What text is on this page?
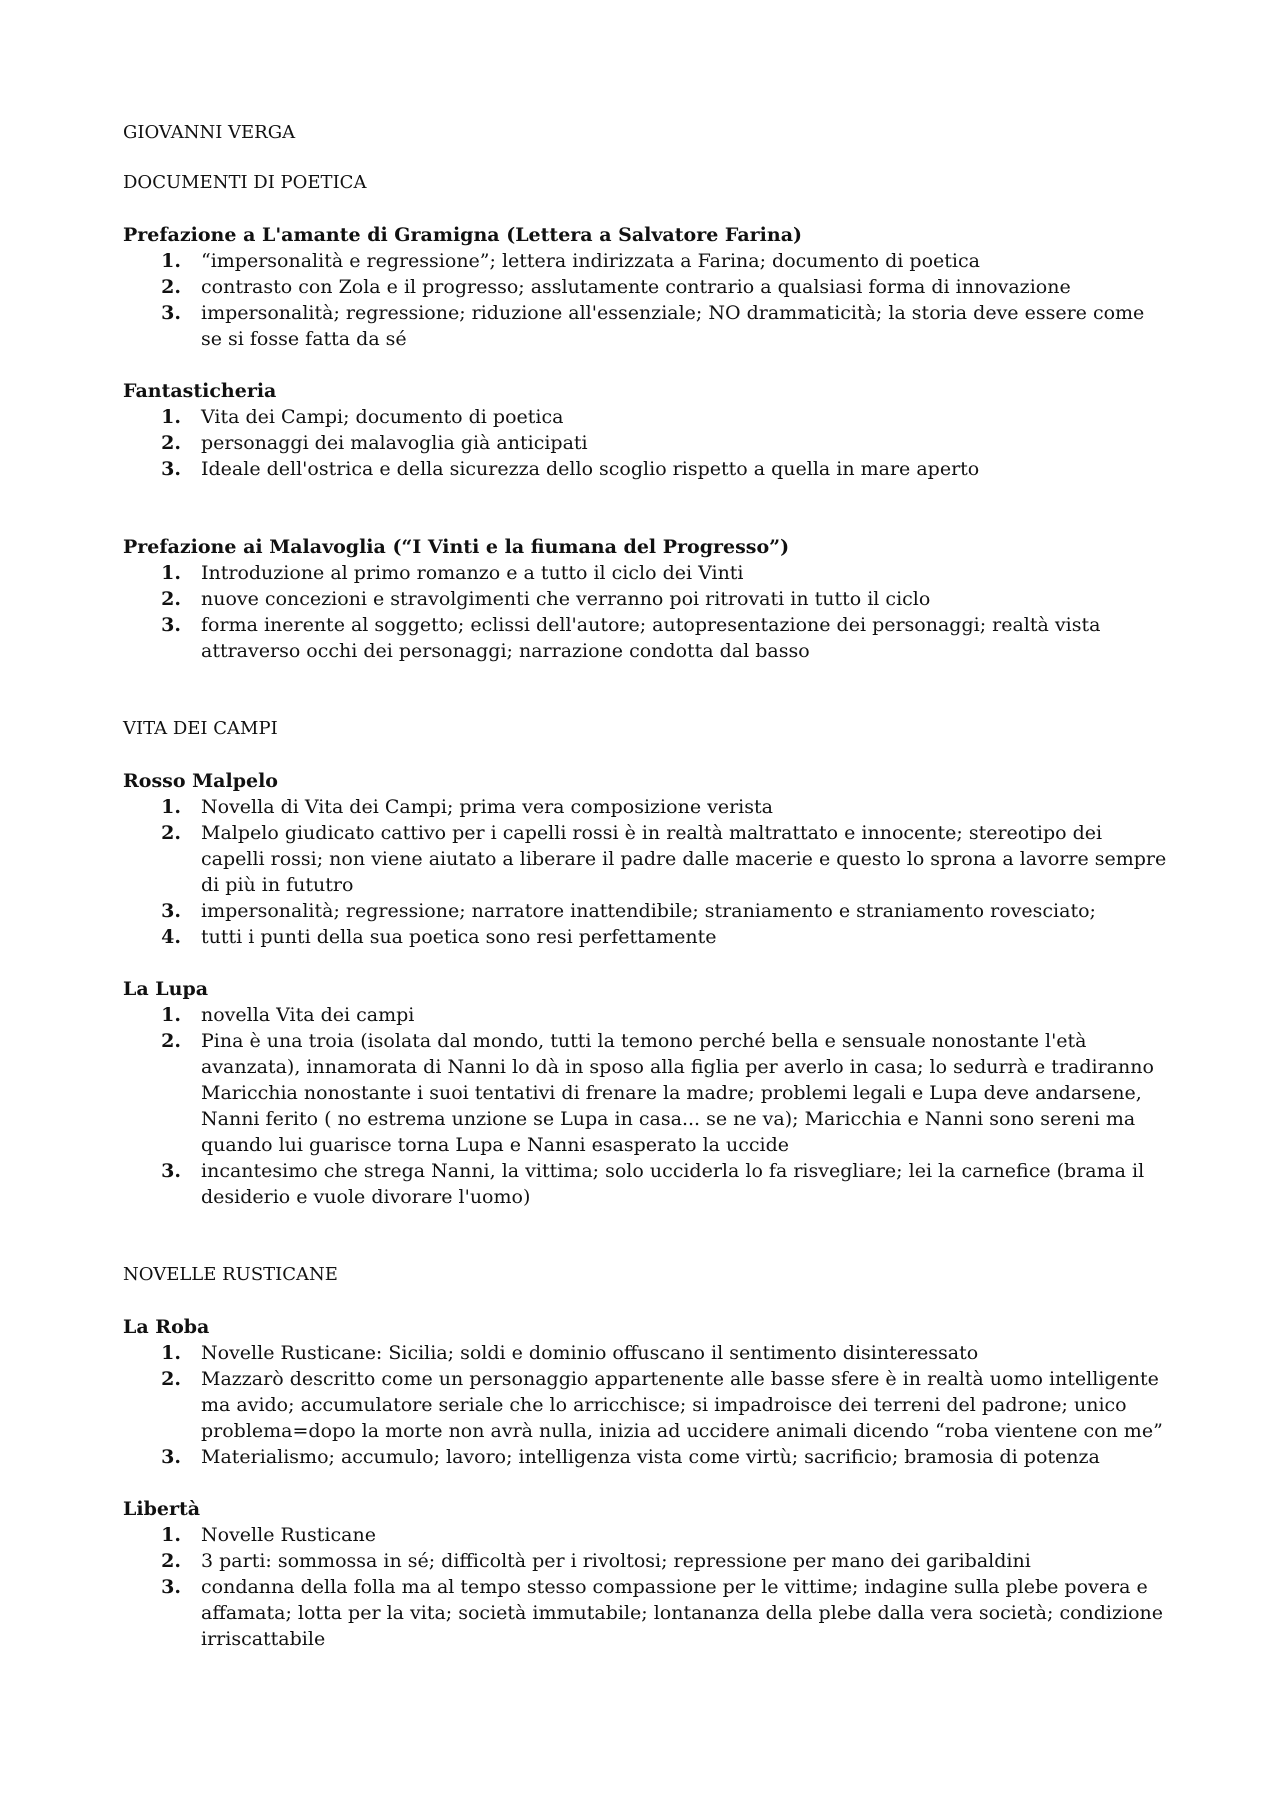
GIOVANNI VERGA
DOCUMENTI DI POETICA
Prefazione a L'amante di Gramigna (Lettera a Salvatore Farina)
1.	“impersonalità e regressione”; lettera indirizzata a Farina; documento di poetica
2.	contrasto con Zola e il progresso; asslutamente contrario a qualsiasi forma di innovazione
3.	impersonalità; regressione; riduzione all'essenziale; NO drammaticità; la storia deve essere come se si fosse fatta da sé
Fantasticheria
1.	Vita dei Campi; documento di poetica
2.	personaggi dei malavoglia già anticipati
3.	Ideale dell'ostrica e della sicurezza dello scoglio rispetto a quella in mare aperto
Prefazione ai Malavoglia (“I Vinti e la fiumana del Progresso”)
1.	Introduzione al primo romanzo e a tutto il ciclo dei Vinti
2.	nuove concezioni e stravolgimenti che verranno poi ritrovati in tutto il ciclo
3.	forma inerente al soggetto; eclissi dell'autore; autopresentazione dei personaggi; realtà vista attraverso occhi dei personaggi; narrazione condotta dal basso
VITA DEI CAMPI
Rosso Malpelo
1.	Novella di Vita dei Campi; prima vera composizione verista
2.	Malpelo giudicato cattivo per i capelli rossi è in realtà maltrattato e innocente; stereotipo dei capelli rossi; non viene aiutato a liberare il padre dalle macerie e questo lo sprona a lavorre sempre di più in fututro
3.	impersonalità; regressione; narratore inattendibile; straniamento e straniamento rovesciato;
4.	tutti i punti della sua poetica sono resi perfettamente
La Lupa
1.	novella Vita dei campi
2.	Pina è una troia (isolata dal mondo, tutti la temono perché bella e sensuale nonostante l'età avanzata), innamorata di Nanni lo dà in sposo alla figlia per averlo in casa; lo sedurrà e tradiranno Maricchia nonostante i suoi tentativi di frenare la madre; problemi legali e Lupa deve andarsene, Nanni ferito ( no estrema unzione se Lupa in casa... se ne va); Maricchia e Nanni sono sereni ma quando lui guarisce torna Lupa e Nanni esasperato la uccide
3.	incantesimo che strega Nanni, la vittima; solo ucciderla lo fa risvegliare; lei la carnefice (brama il desiderio e vuole divorare l'uomo)
NOVELLE RUSTICANE
La Roba
1.	Novelle Rusticane: Sicilia; soldi e dominio offuscano il sentimento disinteressato
2.	Mazzarò descritto come un personaggio appartenente alle basse sfere è in realtà uomo intelligente ma avido; accumulatore seriale che lo arricchisce; si impadroisce dei terreni del padrone; unico problema=dopo la morte non avrà nulla, inizia ad uccidere animali dicendo “roba vientene con me”
3.	Materialismo; accumulo; lavoro; intelligenza vista come virtù; sacrificio; bramosia di potenza
Libertà
1.	Novelle Rusticane
2.	3 parti: sommossa in sé; difficoltà per i rivoltosi; repressione per mano dei garibaldini
3.	condanna della folla ma al tempo stesso compassione per le vittime; indagine sulla plebe povera e affamata; lotta per la vita; società immutabile; lontananza della plebe dalla vera società; condizione irriscattabile
